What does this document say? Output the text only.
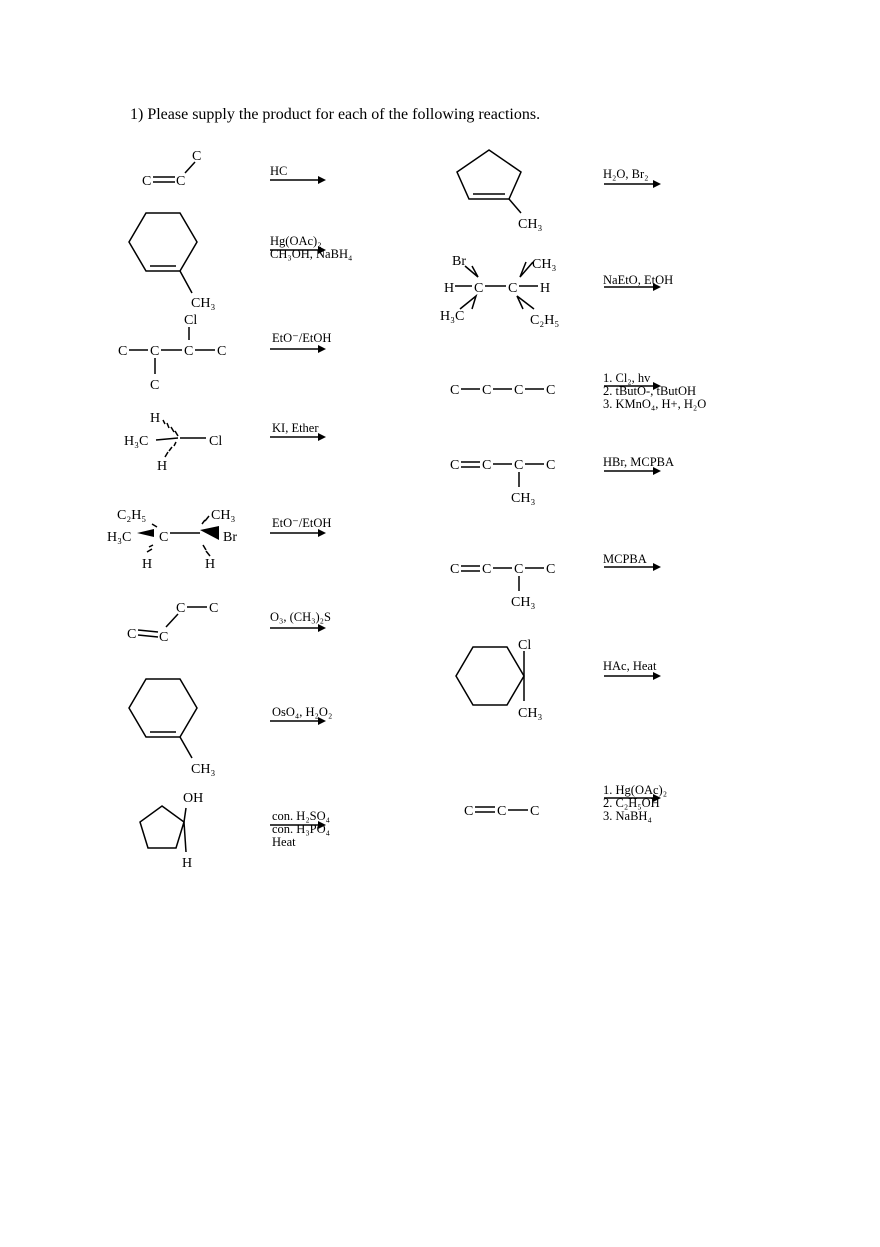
1) Please supply the product for each of the following reactions.
C C
C
CH₃
Cl
C C C C
C
H
H₃C	Cl
H
C₂H₅	CH₃
H₃C C	Br
H	H
C C
C C
CH₃
OH
H
CH₃
Br	CH₃
H C C H
H₃C	C₂H₅
C C C C
C C C C
CH₃
C C C C
CH₃
Cl
CH₃
C C C
HC
Hg(OAc)₂
CH₃OH, NaBH₄
EtO⁻/EtOH
KI, Ether
EtO⁻/EtOH
O₃, (CH₃)₂S
OsO₄, H₂O₂
con. H₂SO₄
con. H₃PO₄
Heat
H₂O, Br₂
NaEtO, EtOH
1. Cl₂, hv
2. tButO-, tButOH
3. KMnO₄, H+, H₂O
HBr, MCPBA
MCPBA
HAc, Heat
1. Hg(OAc)₂
2. C₂H₅OH
3. NaBH₄
